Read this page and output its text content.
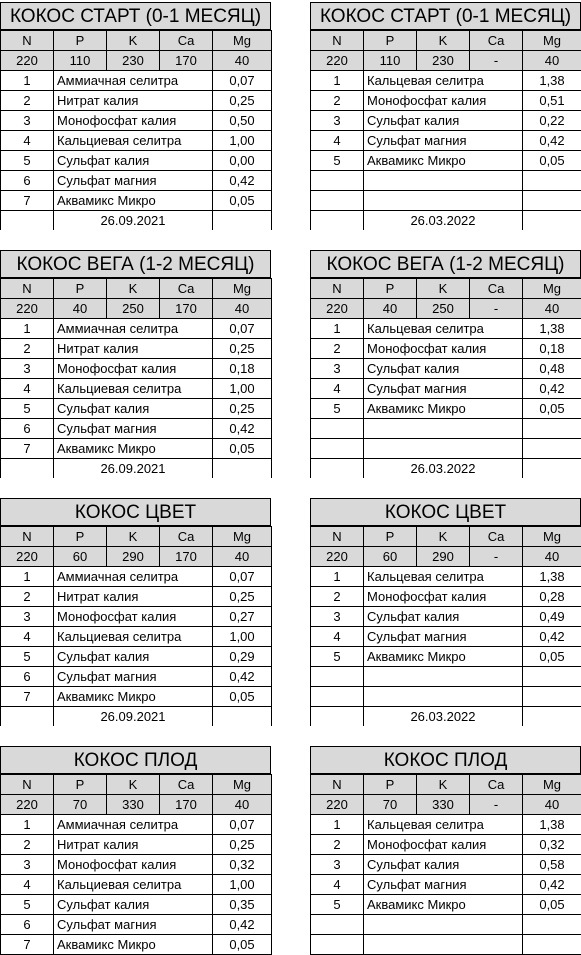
КОКОС СТАРТ (0-1 МЕСЯЦ)
N	P	K	Ca	Mg
220	110	230	170	40
1	Аммиачная селитра			0,07
2	Нитрат калия			0,25
3	Монофосфат калия			0,50
4	Кальциевая селитра			1,00
5	Сульфат калия			0,00
6	Сульфат магния			0,42
7	Аквамикс Микро			0,05
	26.09.2021			
КОКОС СТАРТ (0-1 МЕСЯЦ)
N	P	K	Ca	Mg
220	110	230	-	40
1	Кальцевая селитра			1,38
2	Монофосфат калия			0,51
3	Сульфат калия			0,22
4	Сульфат магния			0,42
5	Аквамикс Микро			0,05

	26.03.2022			
КОКОС ВЕГА (1-2 МЕСЯЦ)
N	P	K	Ca	Mg
220	40	250	170	40
1	Аммиачная селитра			0,07
2	Нитрат калия			0,25
3	Монофосфат калия			0,18
4	Кальциевая селитра			1,00
5	Сульфат калия			0,25
6	Сульфат магния			0,42
7	Аквамикс Микро			0,05
	26.09.2021			
КОКОС ВЕГА (1-2 МЕСЯЦ)
N	P	K	Ca	Mg
220	40	250	-	40
1	Кальцевая селитра			1,38
2	Монофосфат калия			0,18
3	Сульфат калия			0,48
4	Сульфат магния			0,42
5	Аквамикс Микро			0,05

	26.03.2022			
КОКОС ЦВЕТ
N	P	K	Ca	Mg
220	60	290	170	40
1	Аммиачная селитра			0,07
2	Нитрат калия			0,25
3	Монофосфат калия			0,27
4	Кальциевая селитра			1,00
5	Сульфат калия			0,29
6	Сульфат магния			0,42
7	Аквамикс Микро			0,05
	26.09.2021			
КОКОС ЦВЕТ
N	P	K	Ca	Mg
220	60	290	-	40
1	Кальцевая селитра			1,38
2	Монофосфат калия			0,28
3	Сульфат калия			0,49
4	Сульфат магния			0,42
5	Аквамикс Микро			0,05

	26.03.2022			
КОКОС ПЛОД
N	P	K	Ca	Mg
220	70	330	170	40
1	Аммиачная селитра			0,07
2	Нитрат калия			0,25
3	Монофосфат калия			0,32
4	Кальциевая селитра			1,00
5	Сульфат калия			0,35
6	Сульфат магния			0,42
7	Аквамикс Микро			0,05
КОКОС ПЛОД
N	P	K	Ca	Mg
220	70	330	-	40
1	Кальцевая селитра			1,38
2	Монофосфат калия			0,32
3	Сульфат калия			0,58
4	Сульфат магния			0,42
5	Аквамикс Микро			0,05
